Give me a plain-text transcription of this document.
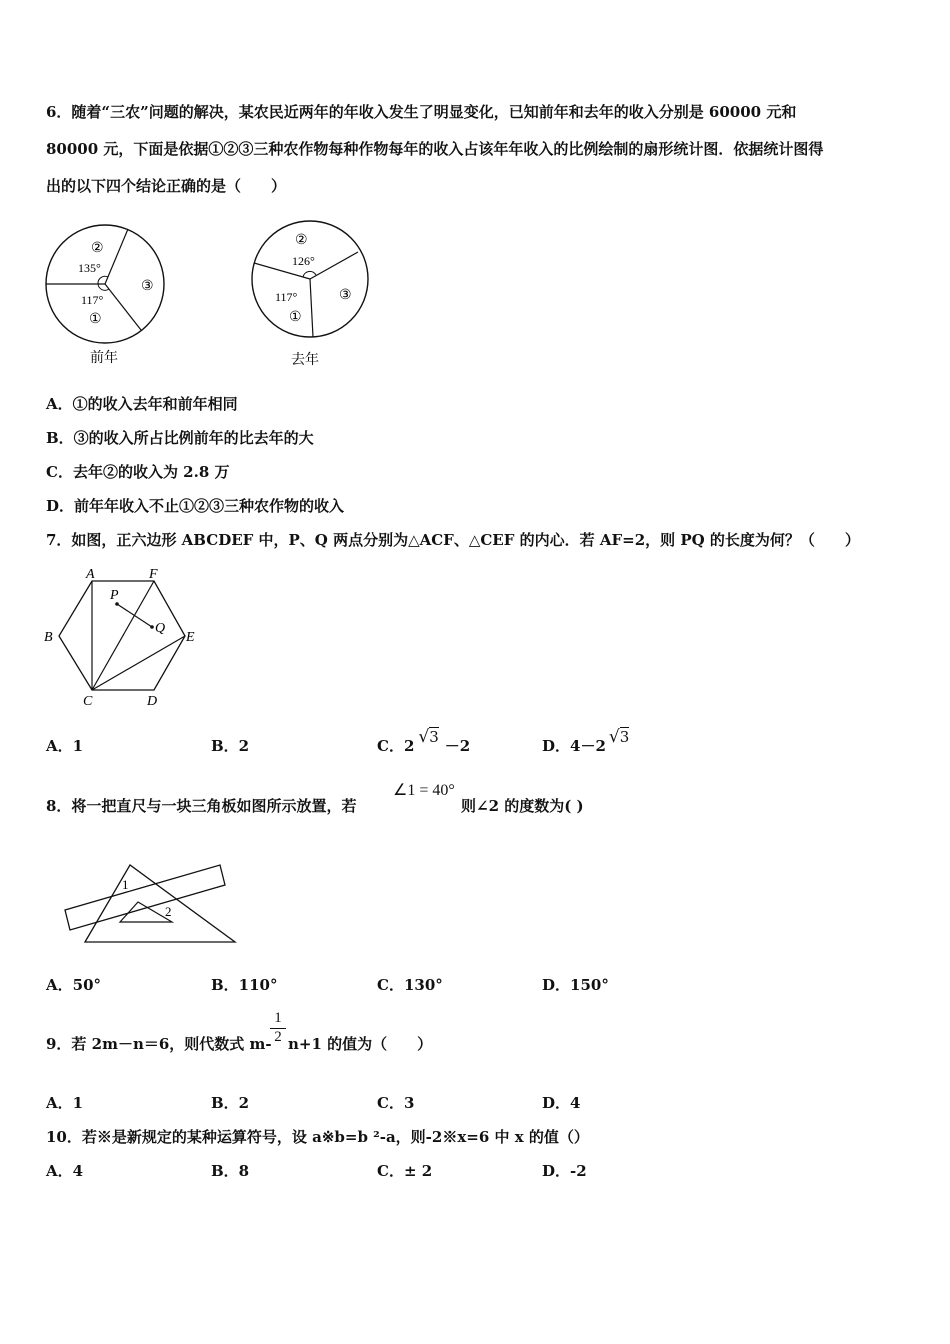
6．随着“三农”问题的解决，某农民近两年的年收入发生了明显变化，已知前年和去年的收入分别是 60000 元和
80000 元，下面是依据①②③三种农作物每种作物每年的收入占该年年收入的比例绘制的扇形统计图．依据统计图得
出的以下四个结论正确的是（　　）
②
135°
117°
①
③
前年
②
126°
117°
①
③
去年
A．①的收入去年和前年相同
B．③的收入所占比例前年的比去年的大
C．去年②的收入为 2.8 万
D．前年年收入不止①②③三种农作物的收入
7．如图，正六边形 ABCDEF 中，P、Q 两点分别为△ACF、△CEF 的内心．若 AF=2，则 PQ 的长度为何？（　　）
A	F
B	E
C	D
P
Q
A．1	B．2	C．2 √3 －2	D．4－2 √3
8．将一把直尺与一块三角板如图所示放置，若
∠1 = 40°
则∠2 的度数为( )
1
2
A．50°	B．110°	C．130°	D．150°
9．若 2m－n＝6，则代数式 m-
$\frac{1}{2} n+1$ 的值为（　　）
A．1	B．2	C．3	D．4
10．若※是新规定的某种运算符号，设 a※b=b ²-a，则-2※x=6 中 x 的值（）
A．4	B．8	C．± 2	D．-2
